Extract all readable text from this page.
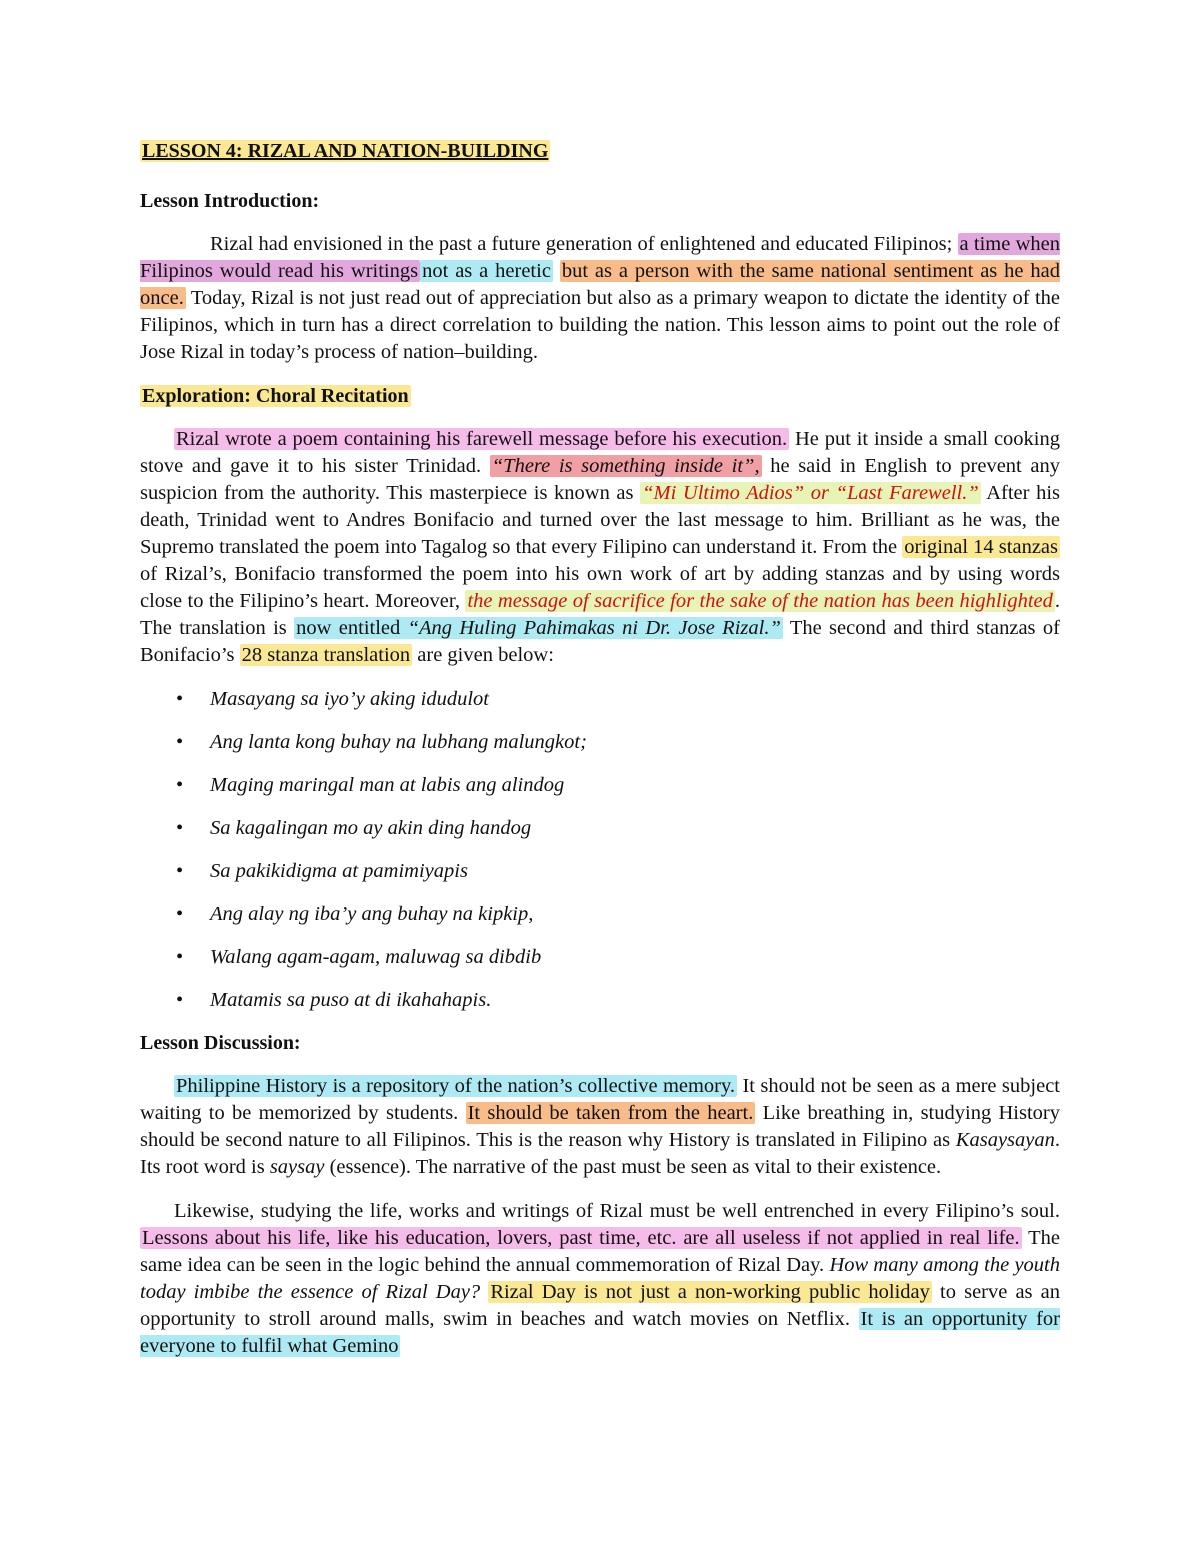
LESSON 4: RIZAL AND NATION-BUILDING
Lesson Introduction:

Rizal had envisioned in the past a future generation of enlightened and educated Filipinos; a time when Filipinos would read his writings not as a heretic but as a person with the same national sentiment as he had once. Today, Rizal is not just read out of appreciation but also as a primary weapon to dictate the identity of the Filipinos, which in turn has a direct correlation to building the nation. This lesson aims to point out the role of Jose Rizal in today’s process of nation–building.

Exploration: Choral Recitation

Rizal wrote a poem containing his farewell message before his execution. He put it inside a small cooking stove and gave it to his sister Trinidad. “There is something inside it”, he said in English to prevent any suspicion from the authority. This masterpiece is known as “Mi Ultimo Adios” or “Last Farewell.” After his death, Trinidad went to Andres Bonifacio and turned over the last message to him. Brilliant as he was, the Supremo translated the poem into Tagalog so that every Filipino can understand it. From the original 14 stanzas of Rizal’s, Bonifacio transformed the poem into his own work of art by adding stanzas and by using words close to the Filipino’s heart. Moreover, the message of sacrifice for the sake of the nation has been highlighted. The translation is now entitled “Ang Huling Pahimakas ni Dr. Jose Rizal.” The second and third stanzas of Bonifacio’s 28 stanza translation are given below:

• Masayang sa iyo’y aking idudulot
• Ang lanta kong buhay na lubhang malungkot;
• Maging maringal man at labis ang alindog
• Sa kagalingan mo ay akin ding handog
• Sa pakikidigma at pamimiyapis
• Ang alay ng iba’y ang buhay na kipkip,
• Walang agam-agam, maluwag sa dibdib
• Matamis sa puso at di ikahahapis.
Lesson Discussion:

Philippine History is a repository of the nation’s collective memory. It should not be seen as a mere subject waiting to be memorized by students. It should be taken from the heart. Like breathing in, studying History should be second nature to all Filipinos. This is the reason why History is translated in Filipino as Kasaysayan. Its root word is saysay (essence). The narrative of the past must be seen as vital to their existence.

Likewise, studying the life, works and writings of Rizal must be well entrenched in every Filipino’s soul. Lessons about his life, like his education, lovers, past time, etc. are all useless if not applied in real life. The same idea can be seen in the logic behind the annual commemoration of Rizal Day. How many among the youth today imbibe the essence of Rizal Day? Rizal Day is not just a non-working public holiday to serve as an opportunity to stroll around malls, swim in beaches and watch movies on Netflix. It is an opportunity for everyone to fulfil what Gemino
